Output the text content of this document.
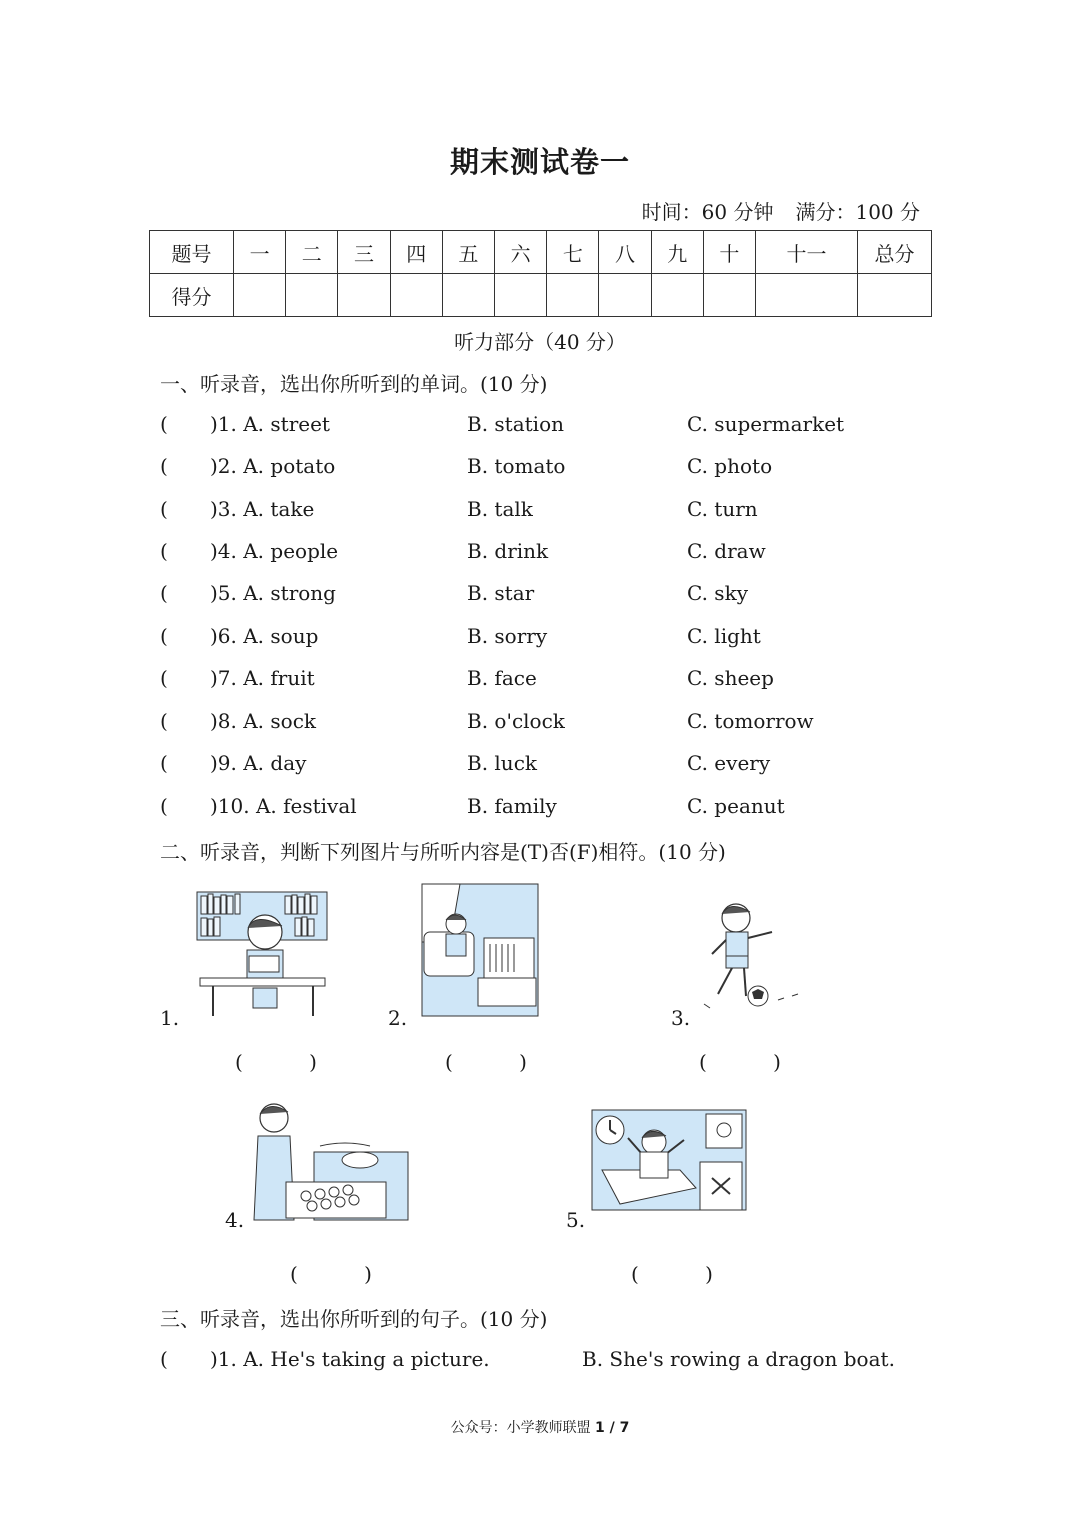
期末测试卷一
时间：60 分钟 满分：100 分
题号	一	二	三	四	五	六	七	八	九	十	十一	总分
得分												
听力部分（40 分）
一、听录音，选出你所听到的单词。(10 分)
( )1. A. street	B. station	C. supermarket
( )2. A. potato	B. tomato	C. photo
( )3. A. take	B. talk	C. turn
( )4. A. people	B. drink	C. draw
( )5. A. strong	B. star	C. sky
( )6. A. soup	B. sorry	C. light
( )7. A. fruit	B. face	C. sheep
( )8. A. sock	B. o'clock	C. tomorrow
( )9. A. day	B. luck	C. every
( )10. A. festival	B. family	C. peanut
二、听录音，判断下列图片与所听内容是(T)否(F)相符。(10 分)
1.
( )
2.
( )
3.
( )
4.
( )
5.
( )
三、听录音，选出你所听到的句子。(10 分)
( )1. A. He's taking a picture.	B. She's rowing a dragon boat.
公众号：小学教师联盟 1 / 7
